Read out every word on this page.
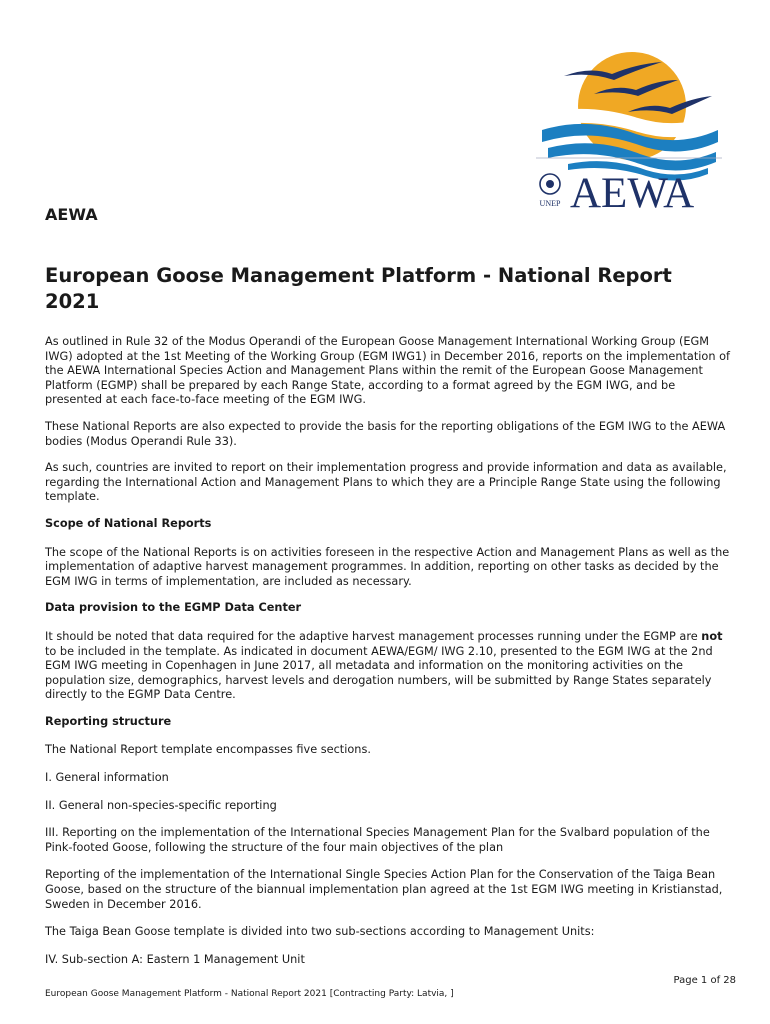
UNEP AEWA
AEWA
European Goose Management Platform - National Report 2021

As outlined in Rule 32 of the Modus Operandi of the European Goose Management International Working Group (EGM IWG) adopted at the 1st Meeting of the Working Group (EGM IWG1) in December 2016, reports on the implementation of the AEWA International Species Action and Management Plans within the remit of the European Goose Management Platform (EGMP) shall be prepared by each Range State, according to a format agreed by the EGM IWG, and be presented at each face-to-face meeting of the EGM IWG.

These National Reports are also expected to provide the basis for the reporting obligations of the EGM IWG to the AEWA bodies (Modus Operandi Rule 33).

As such, countries are invited to report on their implementation progress and provide information and data as available, regarding the International Action and Management Plans to which they are a Principle Range State using the following template.

Scope of National Reports

The scope of the National Reports is on activities foreseen in the respective Action and Management Plans as well as the implementation of adaptive harvest management programmes. In addition, reporting on other tasks as decided by the EGM IWG in terms of implementation, are included as necessary.

Data provision to the EGMP Data Center

It should be noted that data required for the adaptive harvest management processes running under the EGMP are not to be included in the template. As indicated in document AEWA/EGM/ IWG 2.10, presented to the EGM IWG at the 2nd EGM IWG meeting in Copenhagen in June 2017, all metadata and information on the monitoring activities on the population size, demographics, harvest levels and derogation numbers, will be submitted by Range States separately directly to the EGMP Data Centre.

Reporting structure

The National Report template encompasses five sections.

I. General information

II. General non-species-specific reporting

III. Reporting on the implementation of the International Species Management Plan for the Svalbard population of the Pink-footed Goose, following the structure of the four main objectives of the plan

Reporting of the implementation of the International Single Species Action Plan for the Conservation of the Taiga Bean Goose, based on the structure of the biannual implementation plan agreed at the 1st EGM IWG meeting in Kristianstad, Sweden in December 2016.

The Taiga Bean Goose template is divided into two sub-sections according to Management Units:

IV. Sub-section A: Eastern 1 Management Unit

Page 1 of 28
European Goose Management Platform - National Report 2021 [Contracting Party: Latvia, ]
